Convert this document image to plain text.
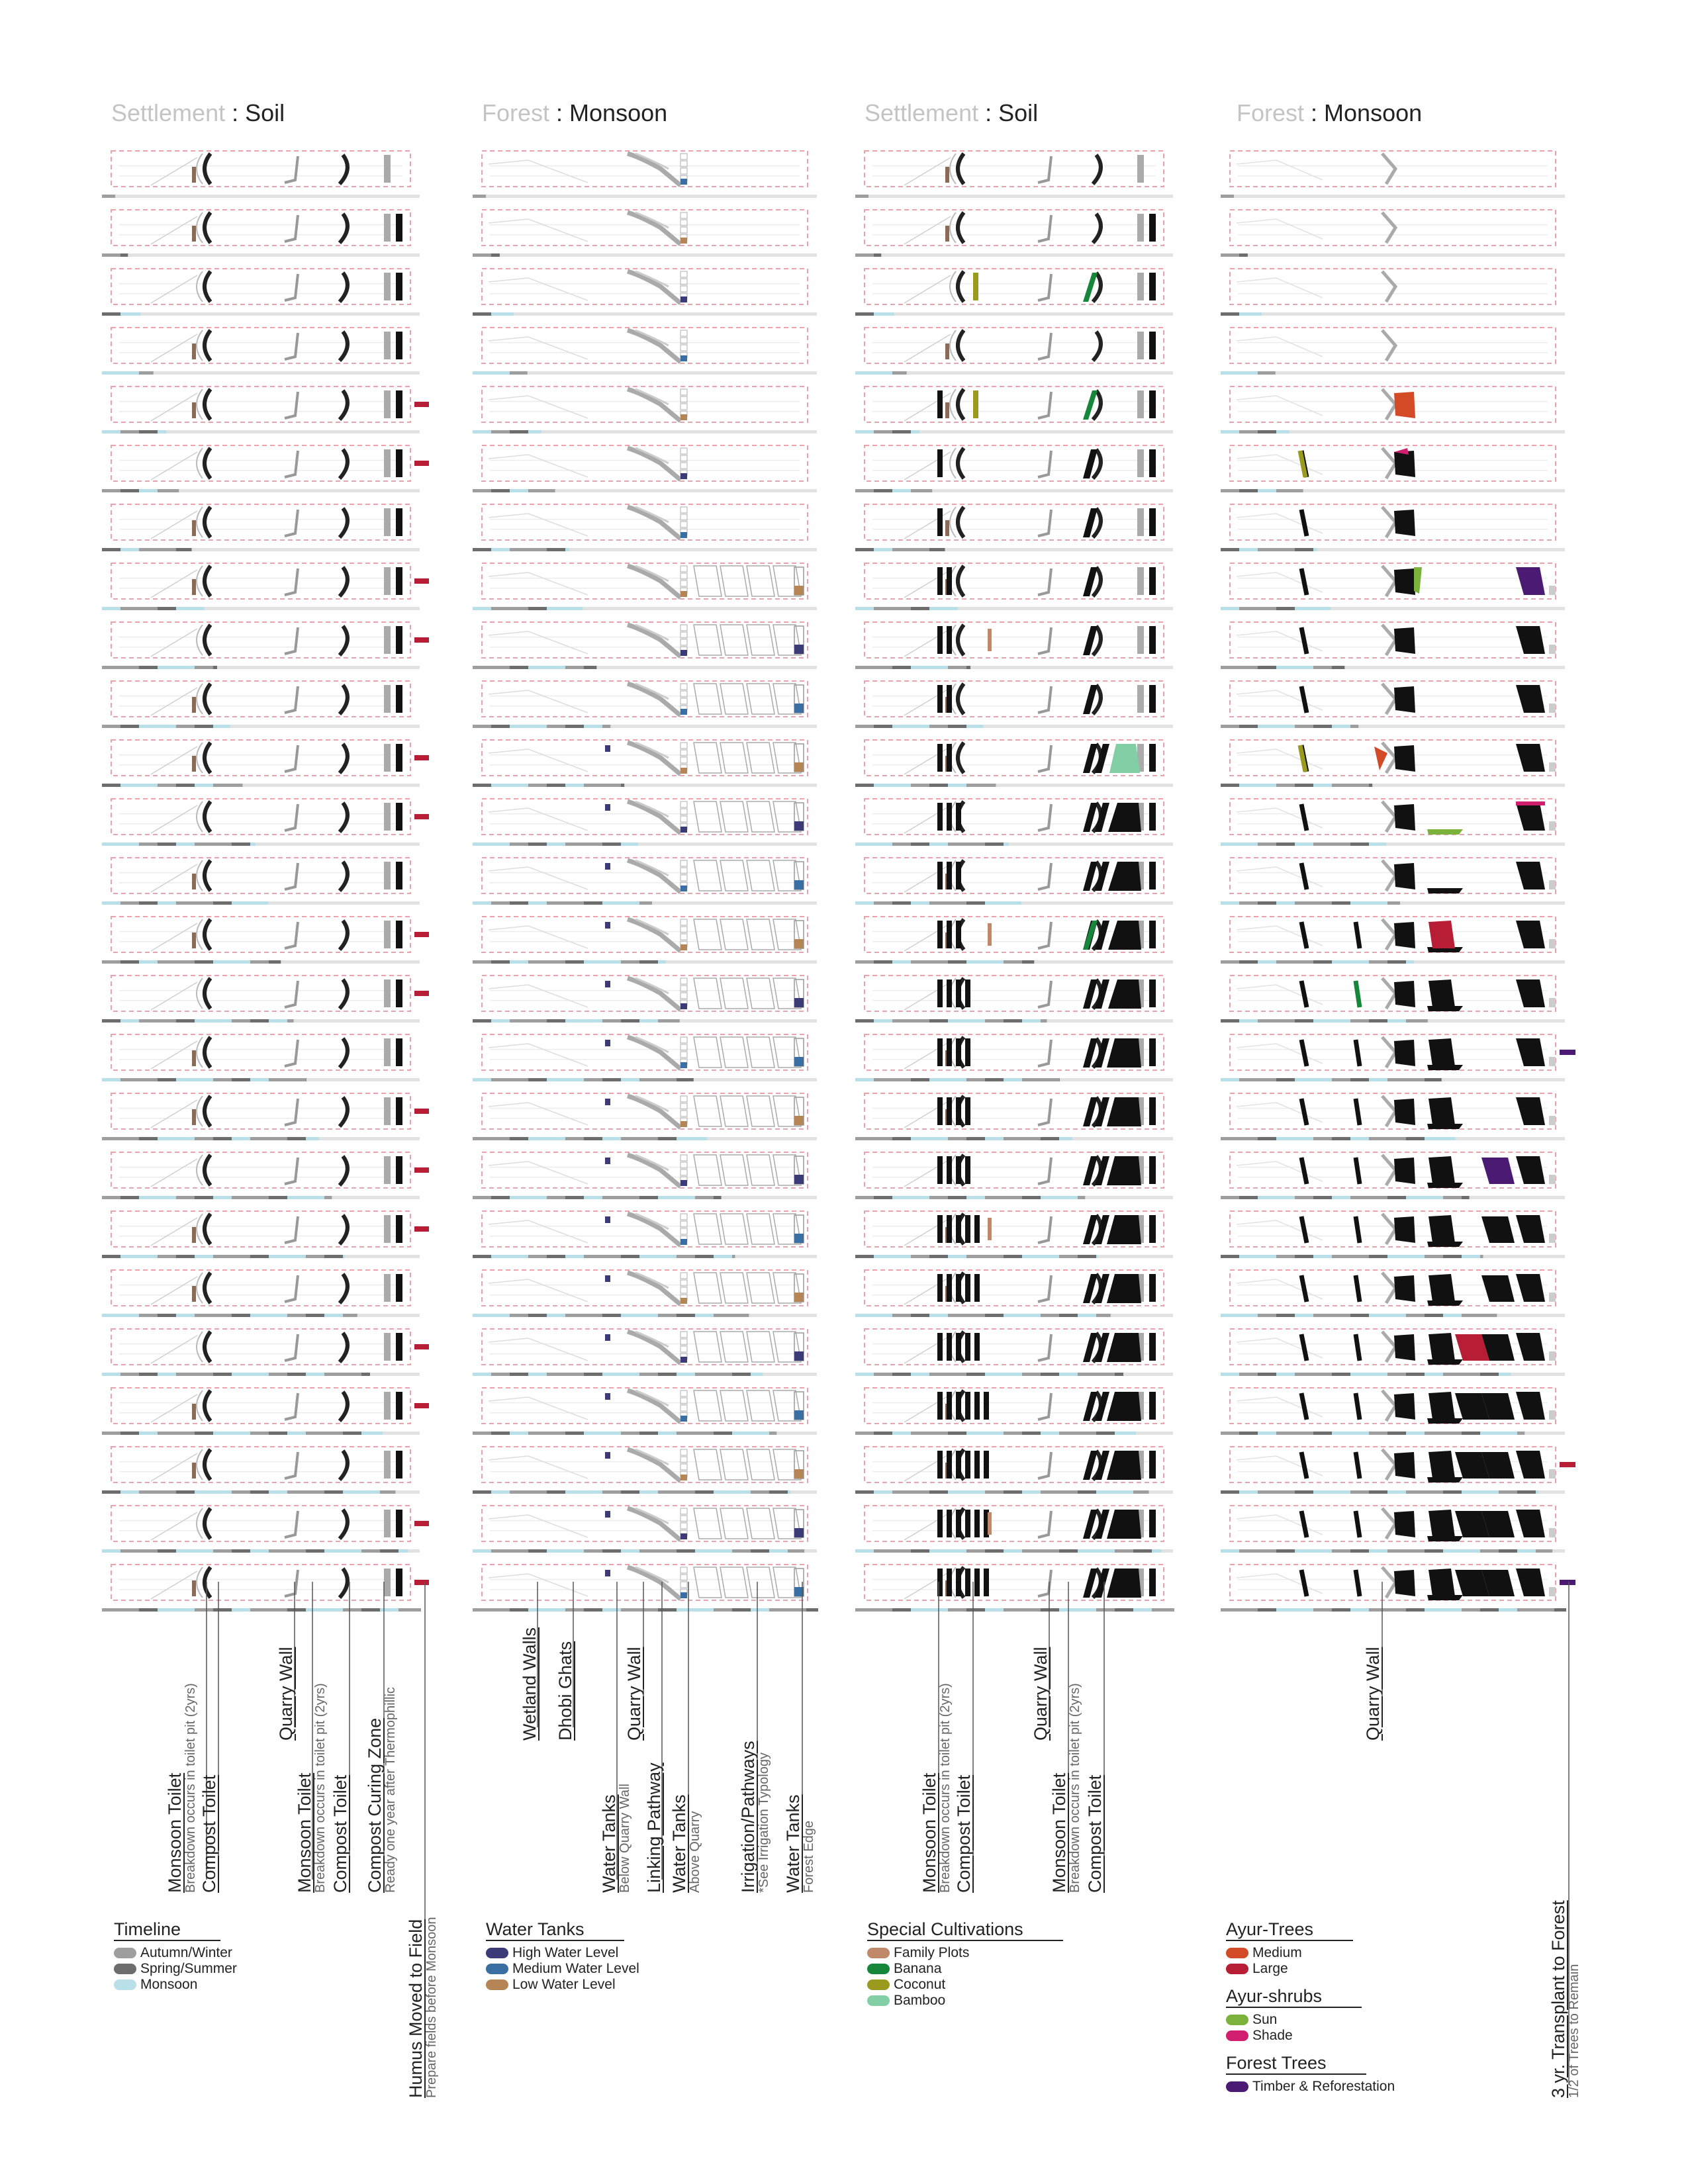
Settlement : Soil	Forest : Monsoon	Settlement : Soil	Forest : Monsoon
Monsoon Toilet
Breakdown occurs in toilet pit (2yrs) Compost Toilet
Quarry Wall
Monsoon Toilet
Breakdown occurs in toilet pit (2yrs) Compost Toilet Compost Curing Zone
Ready one year after Thermophillic
Humus Moved to Field
Prepare fields before Monsoon
Wetland Walls Dhobi Ghats
Water Tanks
Below Quarry Wall
Quarry Wall
Linking Pathway Water Tanks
Above Quarry Irrigation/Pathways
*See Irrigation Typology Water Tanks
Forest Edge	Monsoon Toilet
Breakdown occurs in toilet pit (2yrs) Compost Toilet
Quarry Wall
Monsoon Toilet
Breakdown occurs in toilet pit (2yrs) Compost Toilet
Quarry Wall
3 yr. Transplant to Forest
1/2 of Trees to Remain
Timeline
Autumn/Winter
Spring/Summer
Monsoon
Water Tanks
High Water Level
Medium Water Level
Low Water Level
Special Cultivations
Family Plots
Banana
Coconut
Bamboo
Ayur-Trees
Medium
Large
Ayur-shrubs
Sun
Shade
Forest Trees
Timber & Reforestation
